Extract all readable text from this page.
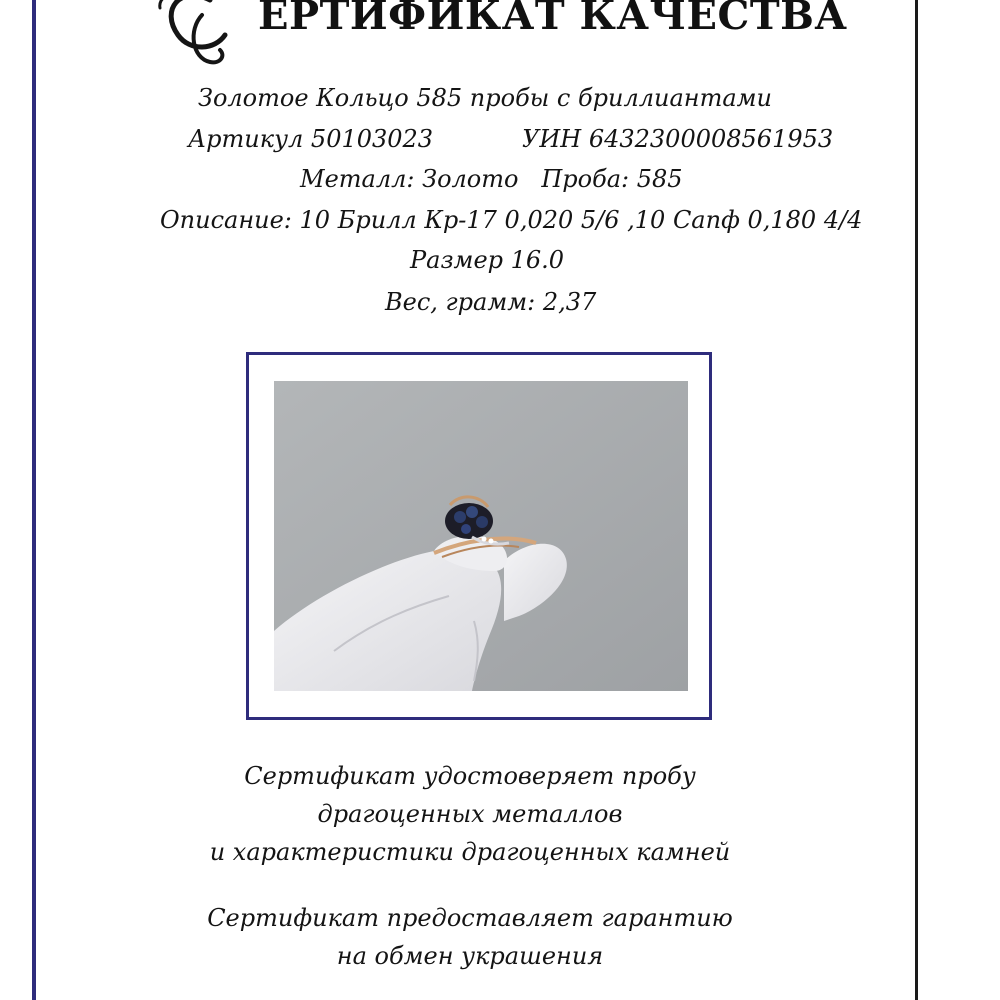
ЕРТИФИКАТ КАЧЕСТВА
Золотое Кольцо 585 пробы с бриллиантами
Артикул 50103023	УИН 6432300008561953
Металл: Золото   Проба: 585
Описание: 10 Брилл Кр-17 0,020 5/6 ,10 Сапф 0,180 4/4
Размер 16.0
Вес, грамм: 2,37
Сертификат удостоверяет пробу
драгоценных металлов
и характеристики драгоценных камней
Сертификат предоставляет гарантию
на обмен украшения
